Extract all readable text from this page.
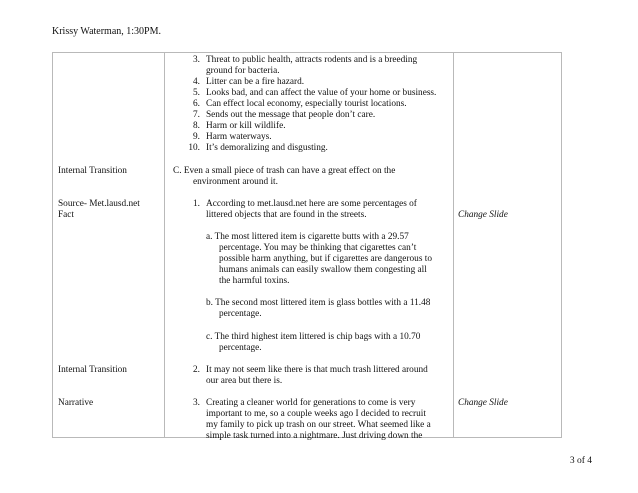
Krissy Waterman, 1:30PM.
3. Threat to public health, attracts rodents and is a breeding
ground for bacteria.
4. Litter can be a fire hazard.
5. Looks bad, and can affect the value of your home or business.
6. Can effect local economy, especially tourist locations.
7. Sends out the message that people don’t care.
8. Harm or kill wildlife.
9. Harm waterways.
10. It’s demoralizing and disgusting.
Internal Transition
Source- Met.lausd.net
Fact
Internal Transition
Narrative
Change Slide
Change Slide
C. Even a small piece of trash can have a great effect on the
environment around it.
1. According to met.lausd.net here are some percentages of
littered objects that are found in the streets.
a. The most littered item is cigarette butts with a 29.57
percentage. You may be thinking that cigarettes can’t
possible harm anything, but if cigarettes are dangerous to
humans animals can easily swallow them congesting all
the harmful toxins.
b. The second most littered item is glass bottles with a 11.48
percentage.
c. The third highest item littered is chip bags with a 10.70
percentage.
2. It may not seem like there is that much trash littered around
our area but there is.
3. Creating a cleaner world for generations to come is very
important to me, so a couple weeks ago I decided to recruit
my family to pick up trash on our street. What seemed like a
simple task turned into a nightmare. Just driving down the
3 of 4
